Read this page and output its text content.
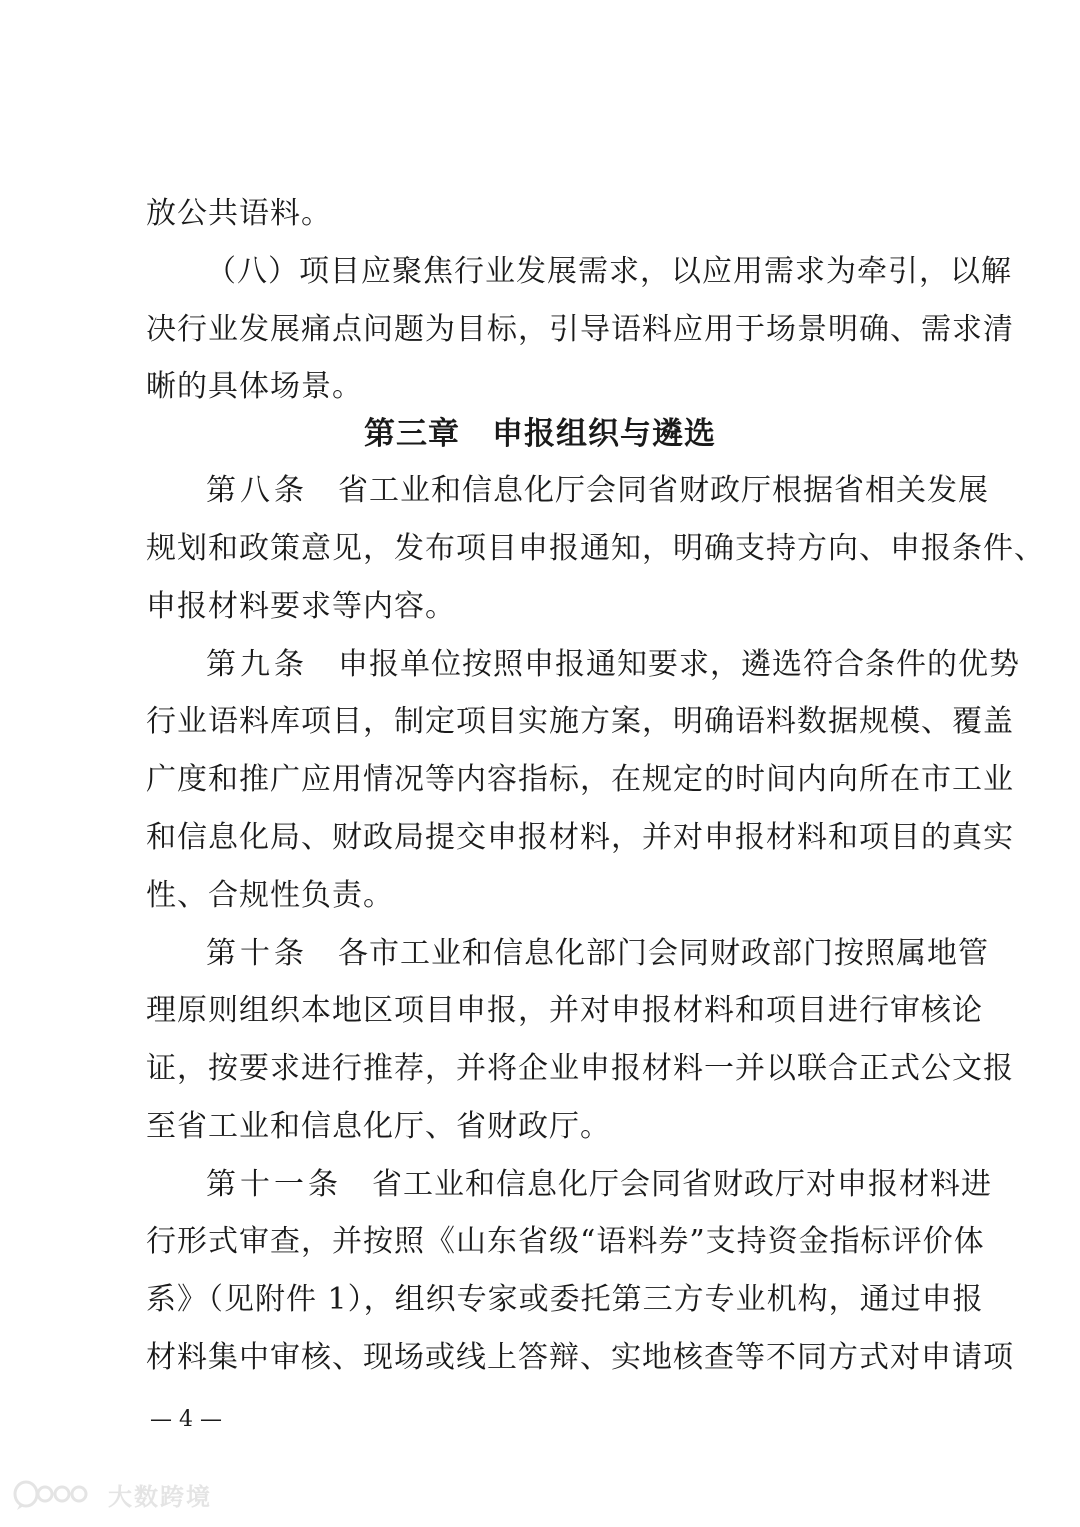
放公共语料。
（八）项目应聚焦行业发展需求，以应用需求为牵引，以解
决行业发展痛点问题为目标，引导语料应用于场景明确、需求清
晰的具体场景。
第三章　申报组织与遴选
第八条 省工业和信息化厅会同省财政厅根据省相关发展
规划和政策意见，发布项目申报通知，明确支持方向、申报条件、
申报材料要求等内容。
第九条 申报单位按照申报通知要求，遴选符合条件的优势
行业语料库项目，制定项目实施方案，明确语料数据规模、覆盖
广度和推广应用情况等内容指标，在规定的时间内向所在市工业
和信息化局、财政局提交申报材料，并对申报材料和项目的真实
性、合规性负责。
第十条 各市工业和信息化部门会同财政部门按照属地管
理原则组织本地区项目申报，并对申报材料和项目进行审核论
证，按要求进行推荐，并将企业申报材料一并以联合正式公文报
至省工业和信息化厅、省财政厅。
第十一条 省工业和信息化厅会同省财政厅对申报材料进
行形式审查，并按照《山东省级“语料券”支持资金指标评价体
系》（见附件 1），组织专家或委托第三方专业机构，通过申报
材料集中审核、现场或线上答辩、实地核查等不同方式对申请项
— 4 —
大数跨境
